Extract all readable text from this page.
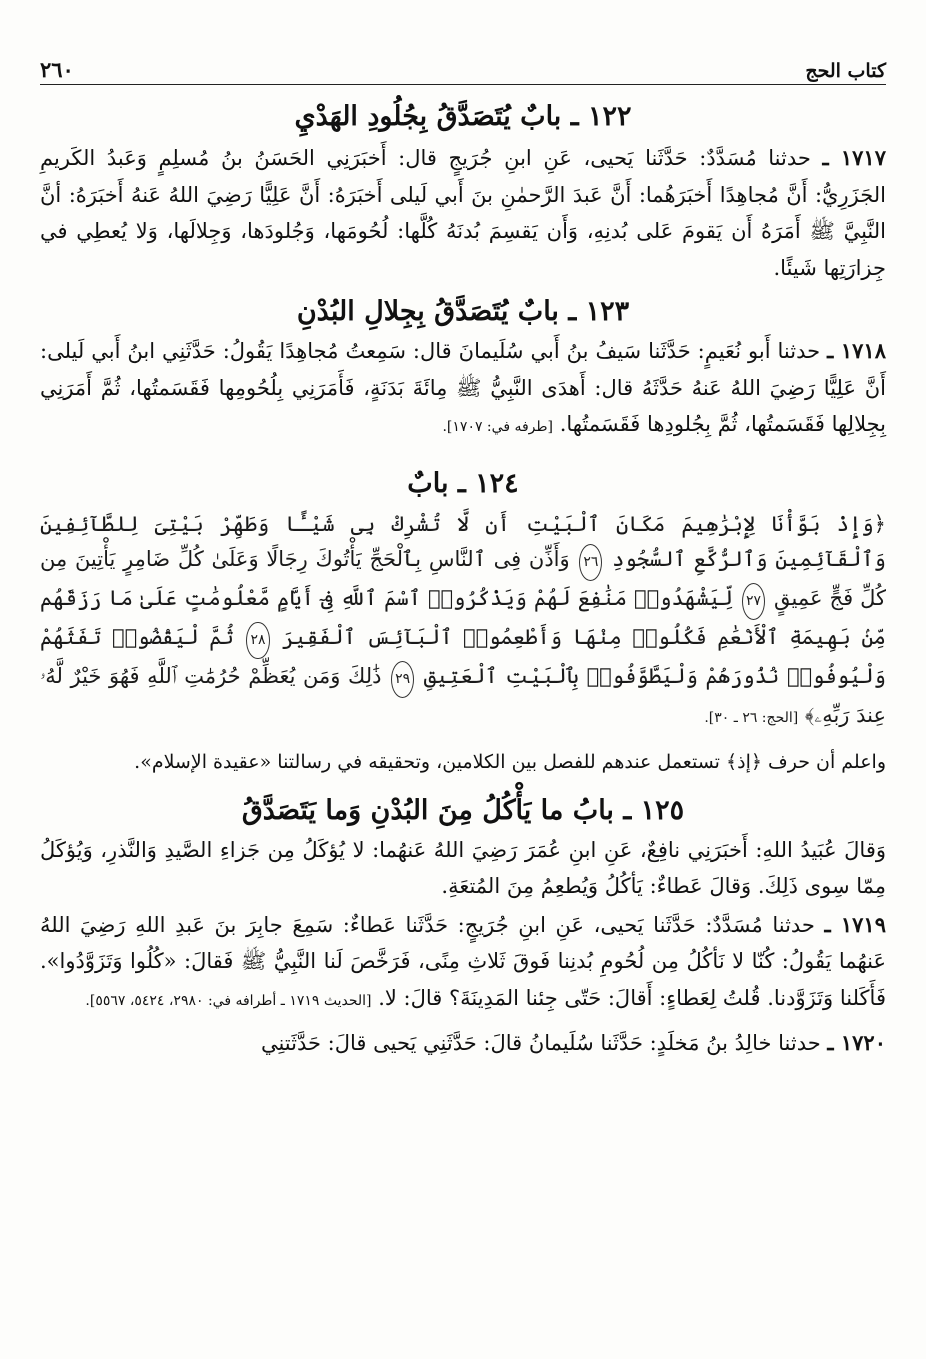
كتاب الحج
٢٦٠
١٢٢ ـ بابٌ يُتَصَدَّقُ بِجُلُودِ الهَدْيِ
١٧١٧ ـ حدثنا مُسَدَّدٌ: حَدَّثَنا يَحيى، عَنِ ابنِ جُرَيجٍ قال: أَخبَرَنِي الحَسَنُ بنُ مُسلِمٍ وَعَبدُ الكَريمِ الجَزَرِيُّ: أَنَّ مُجاهِدًا أَخبَرَهُما: أَنَّ عَبدَ الرَّحمٰنِ بنَ أَبي لَيلى أَخبَرَهُ: أَنَّ عَلِيًّا رَضِيَ اللهُ عَنهُ أَخبَرَهُ: أنَّ النَّبِيَّ ﷺ أَمَرَهُ أَن يَقومَ عَلى بُدنِهِ، وَأَن يَقسِمَ بُدنَهُ كُلَّها: لُحُومَها، وَجُلودَها، وَجِلالَها، وَلا يُعطِي في جِزارَتِها شَيئًا.
١٢٣ ـ بابٌ يُتَصَدَّقُ بِجِلالِ البُدْنِ
١٧١٨ ـ حدثنا أَبو نُعَيمٍ: حَدَّثَنا سَيفُ بنُ أَبي سُلَيمانَ قال: سَمِعتُ مُجاهِدًا يَقُولُ: حَدَّثَنِي ابنُ أَبي لَيلى: أَنَّ عَلِيًّا رَضِيَ اللهُ عَنهُ حَدَّثَهُ قال: أَهدَى النَّبِيُّ ﷺ مِائَةَ بَدَنَةٍ، فَأَمَرَنِي بِلُحُومِها فَقَسَمتُها، ثُمَّ أَمَرَنِي بِجِلالِها فَقَسَمتُها، ثُمَّ بِجُلودِها فَقَسَمتُها. [طرفه في: ١٧٠٧].
١٢٤ ـ بابٌ
﴿وَإِذْ بَوَّأْنَا لِإِبْرَٰهِيمَ مَكَانَ ٱلْبَيْتِ أَن لَّا تُشْرِكْ بِى شَيْـًٔا وَطَهِّرْ بَيْتِىَ لِلطَّآئِفِينَ وَٱلْقَآئِمِينَ وَٱلرُّكَّعِ ٱلسُّجُودِ ٢٦ وَأَذِّن فِى ٱلنَّاسِ بِٱلْحَجِّ يَأْتُوكَ رِجَالًا وَعَلَىٰ كُلِّ ضَامِرٍ يَأْتِينَ مِن كُلِّ فَجٍّ عَمِيقٍ ٢٧ لِّيَشْهَدُوا۟ مَنَٰفِعَ لَهُمْ وَيَذْكُرُوا۟ ٱسْمَ ٱللَّهِ فِىٓ أَيَّامٍ مَّعْلُومَٰتٍ عَلَىٰ مَا رَزَقَهُم مِّنۢ بَهِيمَةِ ٱلْأَنْعَٰمِ فَكُلُوا۟ مِنْهَا وَأَطْعِمُوا۟ ٱلْبَآئِسَ ٱلْفَقِيرَ ٢٨ ثُمَّ لْيَقْضُوا۟ تَفَثَهُمْ وَلْيُوفُوا۟ نُذُورَهُمْ وَلْيَطَّوَّفُوا۟ بِٱلْبَيْتِ ٱلْعَتِيقِ ٢٩ ذَٰلِكَ وَمَن يُعَظِّمْ حُرُمَٰتِ ٱللَّهِ فَهُوَ خَيْرٌ لَّهُۥ عِندَ رَبِّهِۦ﴾ [الحج: ٢٦ ـ ٣٠].
واعلم أن حرف ﴿إذ﴾ تستعمل عندهم للفصل بين الكلامين، وتحقيقه في رسالتنا «عقيدة الإسلام».
١٢٥ ـ بابُ ما يَأْكُلُ مِنَ البُدْنِ وَما يَتَصَدَّقُ
وَقالَ عُبَيدُ اللهِ: أَخبَرَنِي نافِعٌ، عَنِ ابنِ عُمَرَ رَضِيَ اللهُ عَنهُما: لا يُؤكَلُ مِن جَزاءِ الصَّيدِ وَالنَّذرِ، وَيُؤكَلُ مِمّا سِوى ذَلِكَ. وَقالَ عَطاءٌ: يَأكُلُ وَيُطعِمُ مِنَ المُتعَةِ.
١٧١٩ ـ حدثنا مُسَدَّدٌ: حَدَّثَنا يَحيى، عَنِ ابنِ جُرَيجٍ: حَدَّثَنا عَطاءٌ: سَمِعَ جابِرَ بنَ عَبدِ اللهِ رَضِيَ اللهُ عَنهُما يَقُولُ: كُنّا لا نَأكُلُ مِن لُحُومِ بُدنِنا فَوقَ ثَلاثِ مِنًى، فَرَخَّصَ لَنا النَّبِيُّ ﷺ فَقالَ: «كُلُوا وَتَزَوَّدُوا». فَأَكَلنا وَتَزَوَّدنا. قُلتُ لِعَطاءٍ: أَقالَ: حَتّى جِئنا المَدِينَةَ؟ قالَ: لا. [الحديث ١٧١٩ ـ أطرافه في: ٢٩٨٠، ٥٤٢٤، ٥٥٦٧].
١٧٢٠ ـ حدثنا خالِدُ بنُ مَخلَدٍ: حَدَّثَنا سُلَيمانُ قالَ: حَدَّثَنِي يَحيى قالَ: حَدَّثَتنِي
